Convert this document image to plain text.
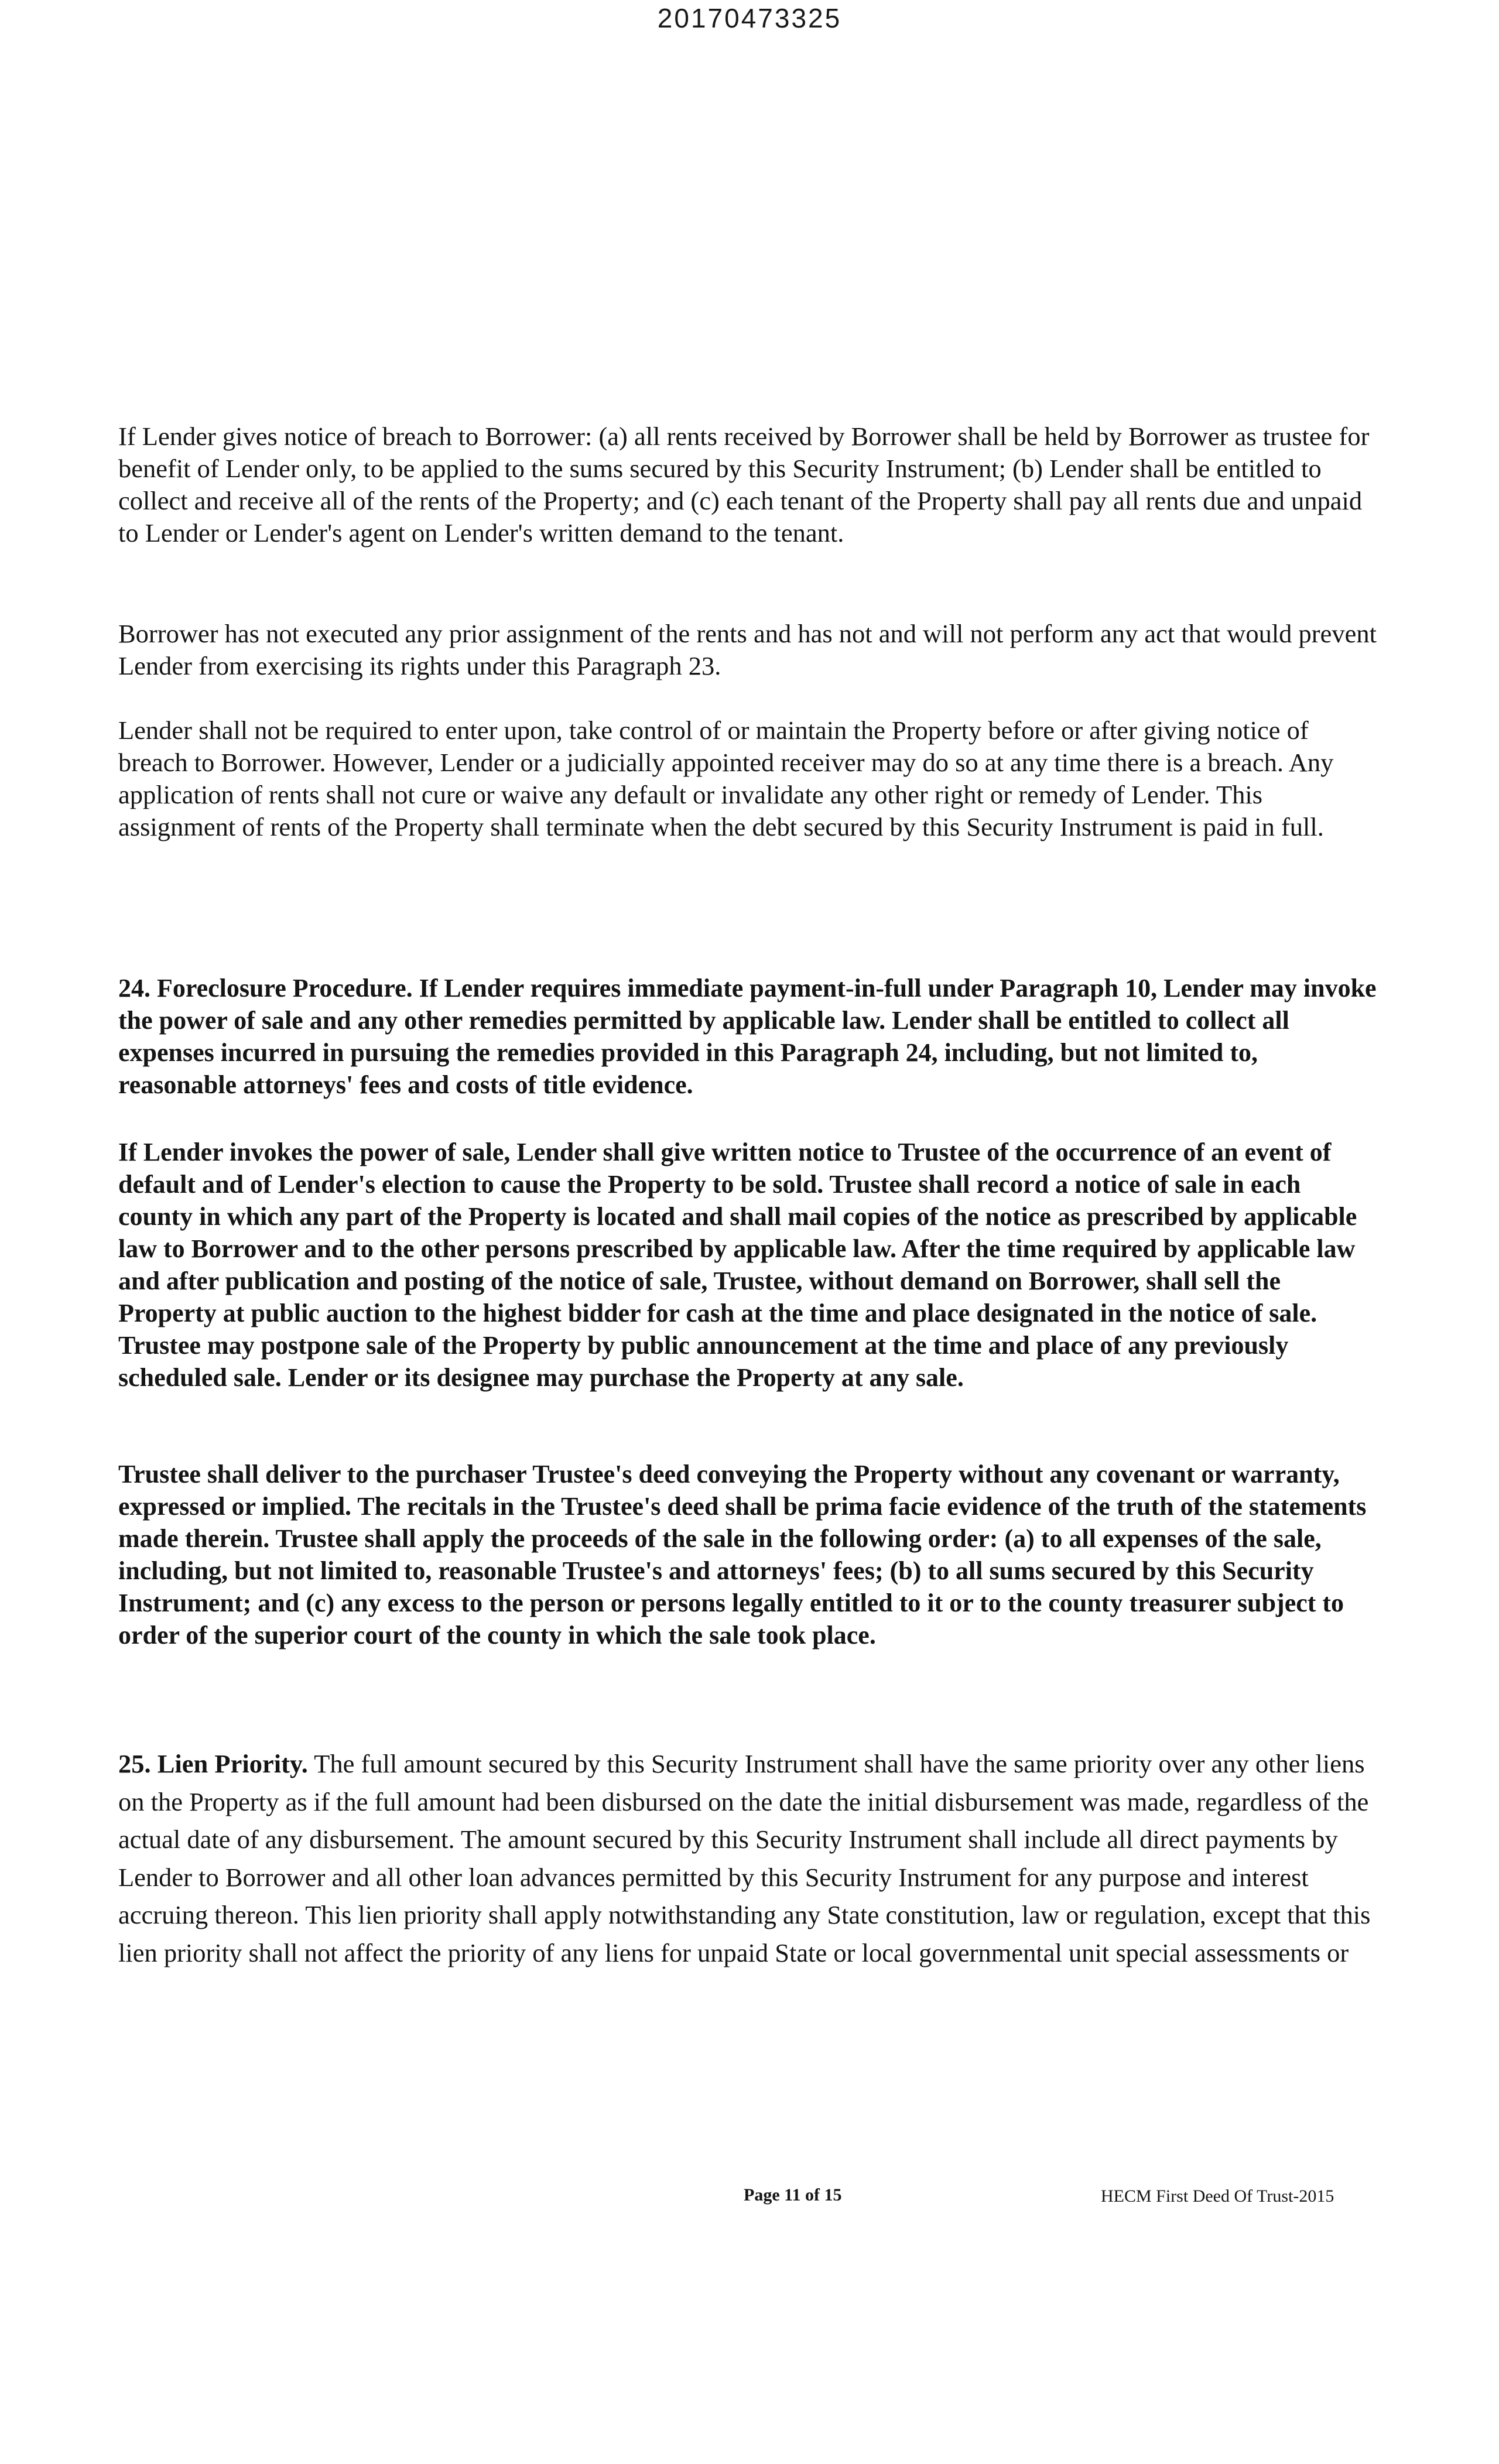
20170473325

If Lender gives notice of breach to Borrower: (a) all rents received by Borrower shall be held by Borrower as trustee for benefit of Lender only, to be applied to the sums secured by this Security Instrument; (b) Lender shall be entitled to collect and receive all of the rents of the Property; and (c) each tenant of the Property shall pay all rents due and unpaid to Lender or Lender's agent on Lender's written demand to the tenant.

Borrower has not executed any prior assignment of the rents and has not and will not perform any act that would prevent Lender from exercising its rights under this Paragraph 23.

Lender shall not be required to enter upon, take control of or maintain the Property before or after giving notice of breach to Borrower. However, Lender or a judicially appointed receiver may do so at any time there is a breach. Any application of rents shall not cure or waive any default or invalidate any other right or remedy of Lender. This assignment of rents of the Property shall terminate when the debt secured by this Security Instrument is paid in full.

24. Foreclosure Procedure. If Lender requires immediate payment-in-full under Paragraph 10, Lender may invoke the power of sale and any other remedies permitted by applicable law. Lender shall be entitled to collect all expenses incurred in pursuing the remedies provided in this Paragraph 24, including, but not limited to, reasonable attorneys' fees and costs of title evidence.

If Lender invokes the power of sale, Lender shall give written notice to Trustee of the occurrence of an event of default and of Lender's election to cause the Property to be sold. Trustee shall record a notice of sale in each county in which any part of the Property is located and shall mail copies of the notice as prescribed by applicable law to Borrower and to the other persons prescribed by applicable law. After the time required by applicable law and after publication and posting of the notice of sale, Trustee, without demand on Borrower, shall sell the Property at public auction to the highest bidder for cash at the time and place designated in the notice of sale. Trustee may postpone sale of the Property by public announcement at the time and place of any previously scheduled sale. Lender or its designee may purchase the Property at any sale.

Trustee shall deliver to the purchaser Trustee's deed conveying the Property without any covenant or warranty, expressed or implied. The recitals in the Trustee's deed shall be prima facie evidence of the truth of the statements made therein. Trustee shall apply the proceeds of the sale in the following order: (a) to all expenses of the sale, including, but not limited to, reasonable Trustee's and attorneys' fees; (b) to all sums secured by this Security Instrument; and (c) any excess to the person or persons legally entitled to it or to the county treasurer subject to order of the superior court of the county in which the sale took place.

25. Lien Priority. The full amount secured by this Security Instrument shall have the same priority over any other liens on the Property as if the full amount had been disbursed on the date the initial disbursement was made, regardless of the actual date of any disbursement. The amount secured by this Security Instrument shall include all direct payments by Lender to Borrower and all other loan advances permitted by this Security Instrument for any purpose and interest accruing thereon. This lien priority shall apply notwithstanding any State constitution, law or regulation, except that this lien priority shall not affect the priority of any liens for unpaid State or local governmental unit special assessments or

Page 11 of 15	HECM First Deed Of Trust-2015
